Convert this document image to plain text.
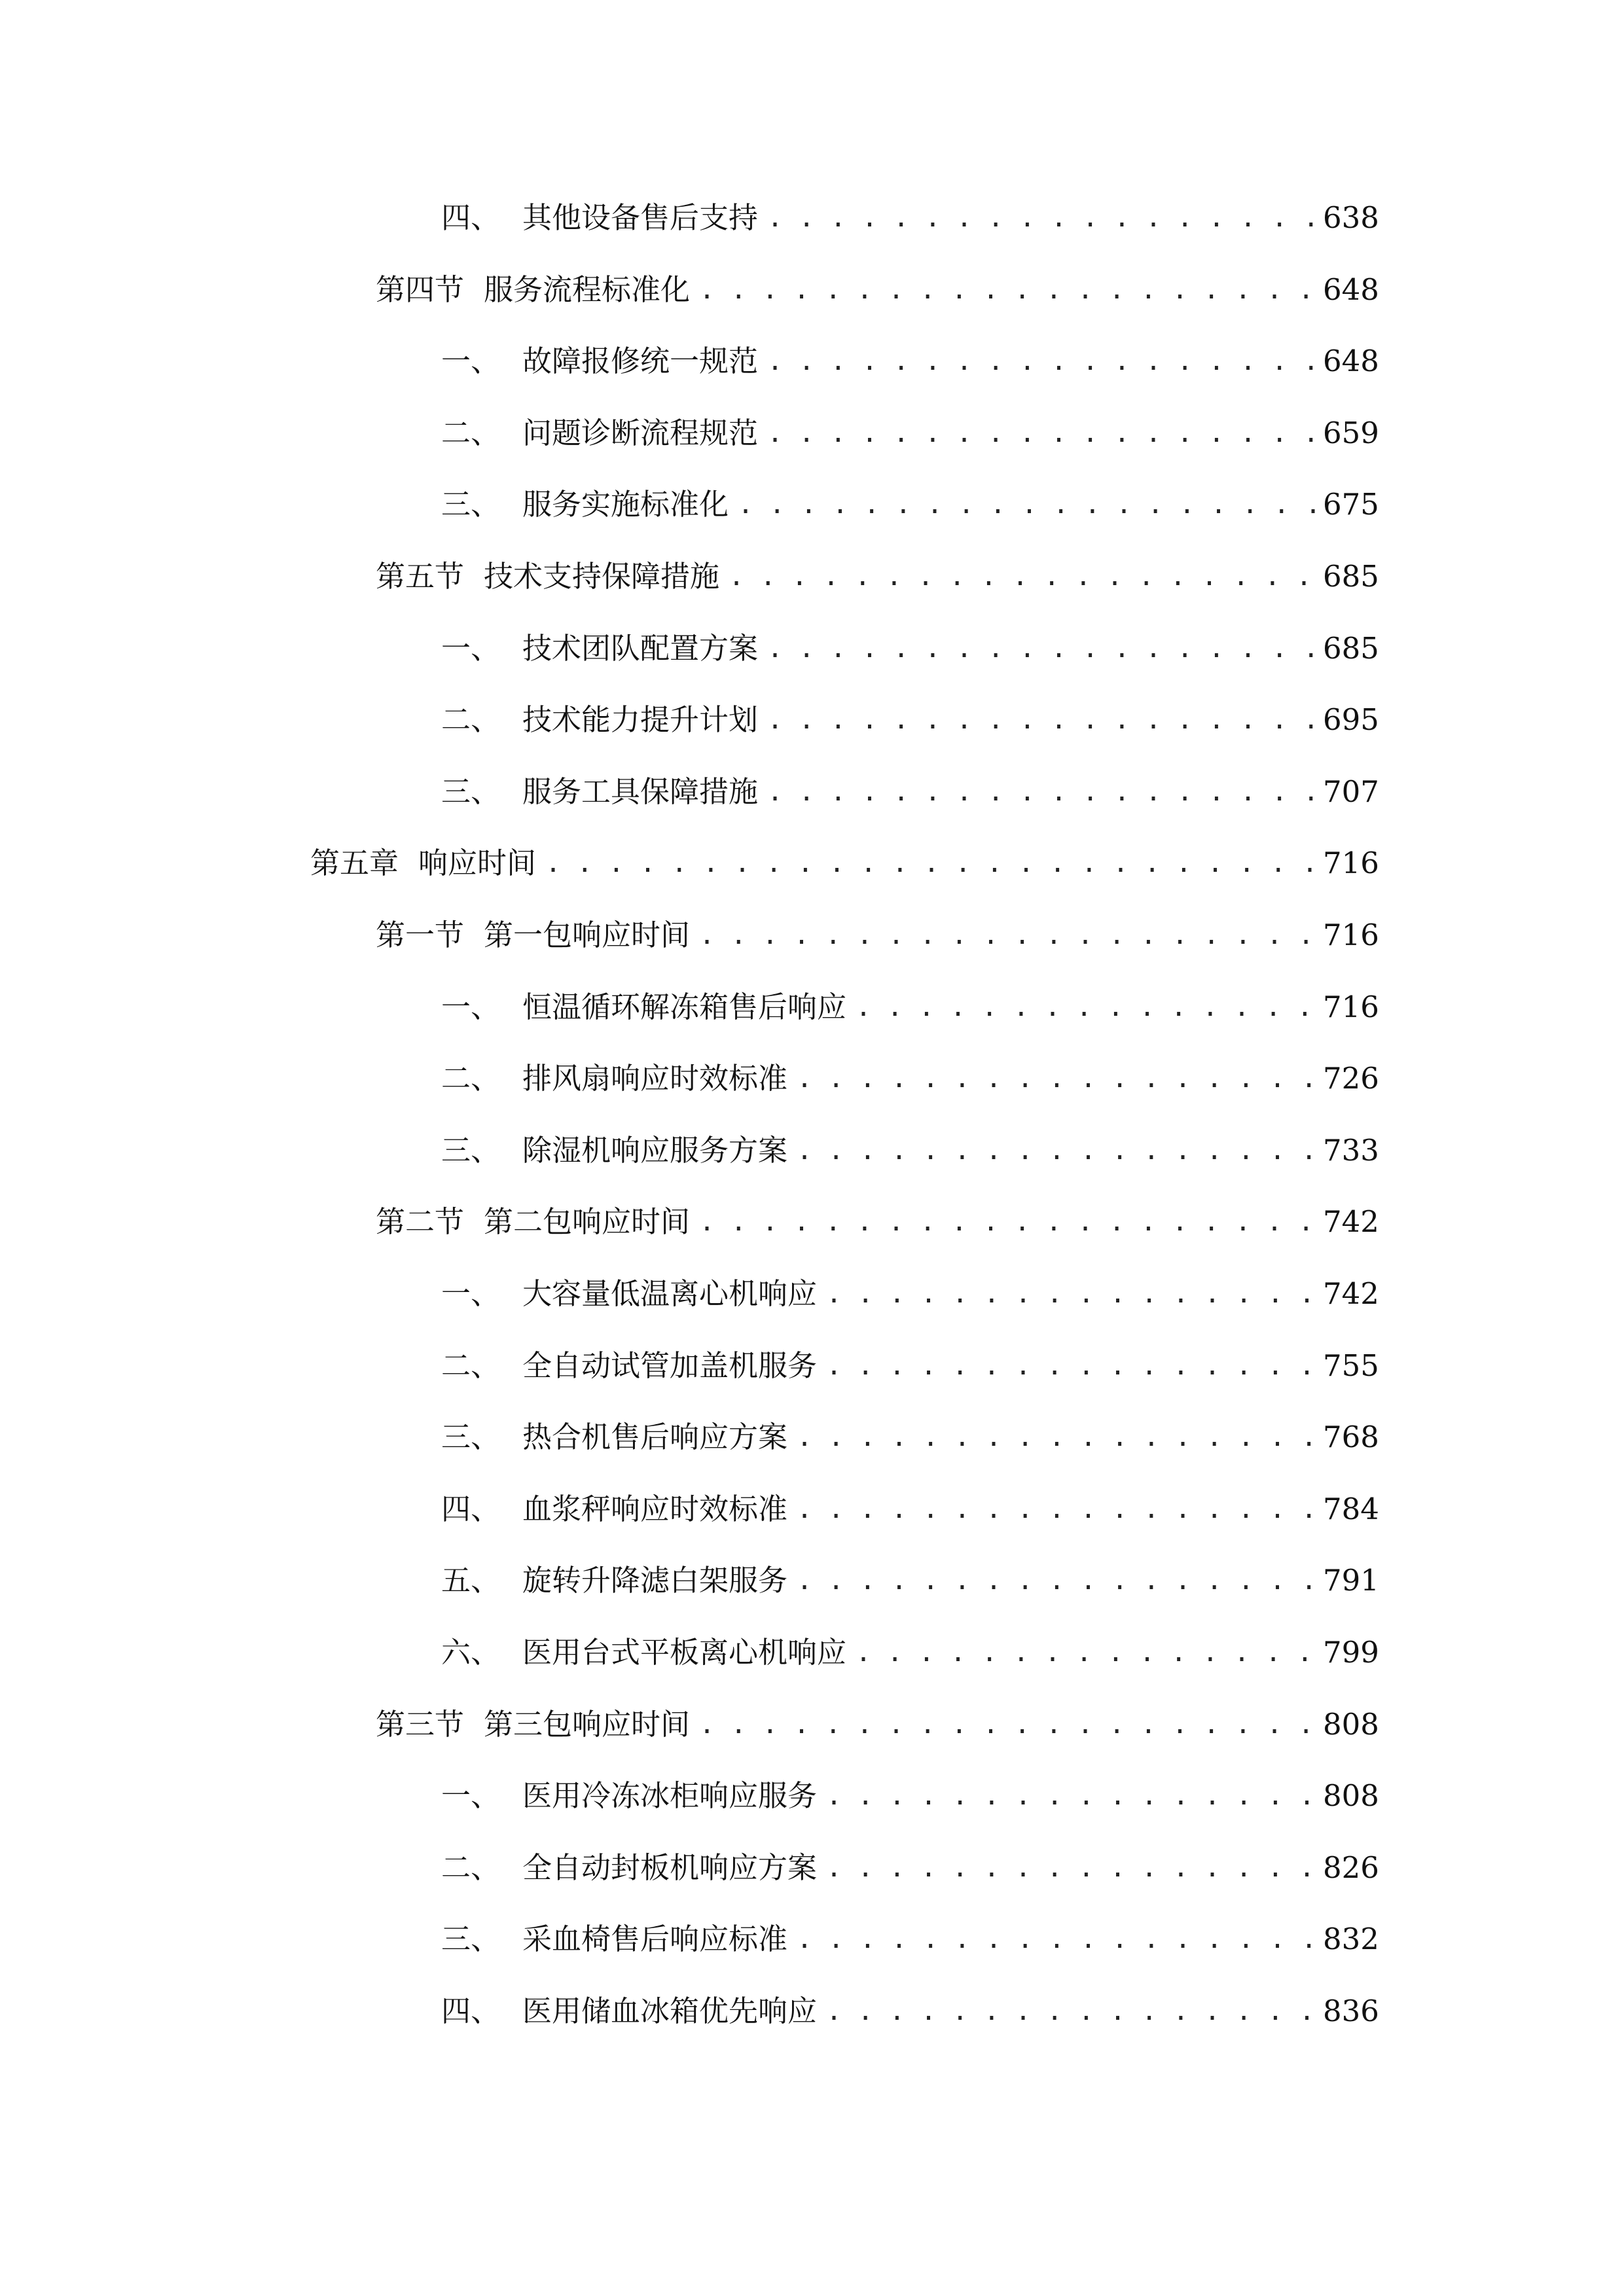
四、 其他设备售后支持 . . .	638
第四节 服务流程标准化 . . .	648
一、 故障报修统一规范 . . .	648
二、 问题诊断流程规范 . . .	659
三、 服务实施标准化 . . .	675
第五节 技术支持保障措施 . . .	685
一、 技术团队配置方案 . . .	685
二、 技术能力提升计划 . . .	695
三、 服务工具保障措施 . . .	707
第五章 响应时间 . . .	716
第一节 第一包响应时间 . . .	716
一、 恒温循环解冻箱售后响应 . . .	716
二、 排风扇响应时效标准 . . .	726
三、 除湿机响应服务方案 . . .	733
第二节 第二包响应时间 . . .	742
一、 大容量低温离心机响应 . . .	742
二、 全自动试管加盖机服务 . . .	755
三、 热合机售后响应方案 . . .	768
四、 血浆秤响应时效标准 . . .	784
五、 旋转升降滤白架服务 . . .	791
六、 医用台式平板离心机响应 . . .	799
第三节 第三包响应时间 . . .	808
一、 医用冷冻冰柜响应服务 . . .	808
二、 全自动封板机响应方案 . . .	826
三、 采血椅售后响应标准 . . .	832
四、 医用储血冰箱优先响应 . . .	836
